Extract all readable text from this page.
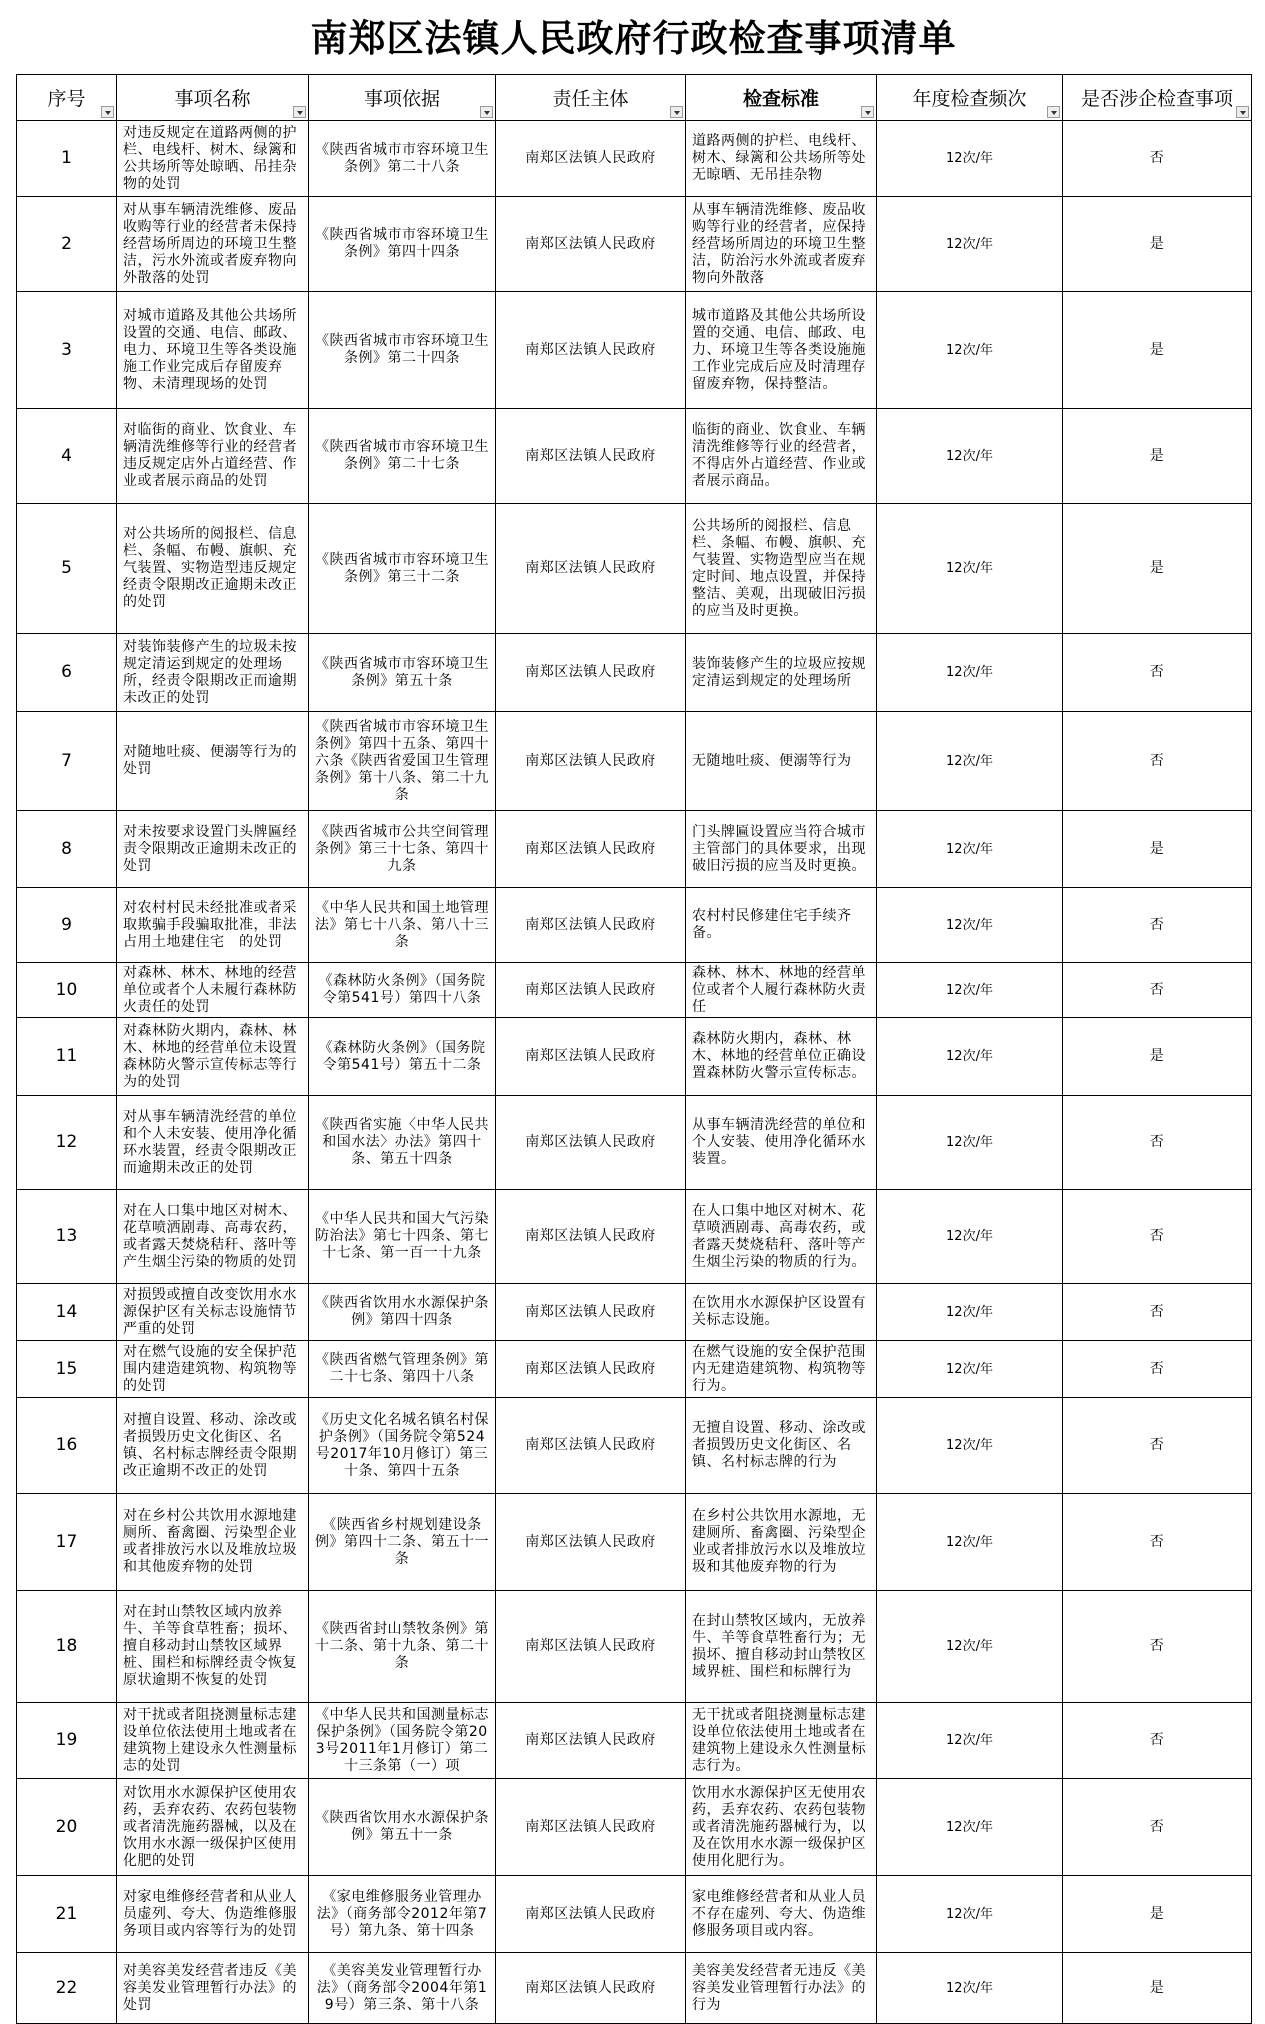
南郑区法镇人民政府行政检查事项清单
序号	事项名称	事项依据	责任主体	检查标准	年度检查频次	是否涉企检查事项

1	对违反规定在道路两侧的护栏、电线杆、树木、绿篱和公共场所等处晾晒、吊挂杂物的处罚	《陕西省城市市容环境卫生条例》第二十八条	南郑区法镇人民政府	道路两侧的护栏、电线杆、树木、绿篱和公共场所等处无晾晒、无吊挂杂物	12次/年	否

2	对从事车辆清洗维修、废品收购等行业的经营者未保持经营场所周边的环境卫生整洁，污水外流或者废弃物向外散落的处罚	《陕西省城市市容环境卫生条例》第四十四条	南郑区法镇人民政府	从事车辆清洗维修、废品收购等行业的经营者，应保持经营场所周边的环境卫生整洁，防治污水外流或者废弃物向外散落	12次/年	是

3	对城市道路及其他公共场所设置的交通、电信、邮政、电力、环境卫生等各类设施施工作业完成后存留废弃物、未清理现场的处罚	《陕西省城市市容环境卫生条例》第二十四条	南郑区法镇人民政府	城市道路及其他公共场所设置的交通、电信、邮政、电力、环境卫生等各类设施施工作业完成后应及时清理存留废弃物，保持整洁。	12次/年	是

4	对临街的商业、饮食业、车辆清洗维修等行业的经营者违反规定店外占道经营、作业或者展示商品的处罚	《陕西省城市市容环境卫生条例》第二十七条	南郑区法镇人民政府	临街的商业、饮食业、车辆清洗维修等行业的经营者，不得店外占道经营、作业或者展示商品。	12次/年	是

5	对公共场所的阅报栏、信息栏、条幅、布幔、旗帜、充气装置、实物造型违反规定经责令限期改正逾期未改正的处罚	《陕西省城市市容环境卫生条例》第三十二条	南郑区法镇人民政府	公共场所的阅报栏、信息栏、条幅、布幔、旗帜、充气装置、实物造型应当在规定时间、地点设置，并保持整洁、美观，出现破旧污损的应当及时更换。	12次/年	是

6	对装饰装修产生的垃圾未按规定清运到规定的处理场所，经责令限期改正而逾期未改正的处罚	《陕西省城市市容环境卫生条例》第五十条	南郑区法镇人民政府	装饰装修产生的垃圾应按规定清运到规定的处理场所	12次/年	否

7	对随地吐痰、便溺等行为的处罚	《陕西省城市市容环境卫生条例》第四十五条、第四十六条《陕西省爱国卫生管理条例》第十八条、第二十九条	南郑区法镇人民政府	无随地吐痰、便溺等行为	12次/年	否

8	对未按要求设置门头牌匾经责令限期改正逾期未改正的处罚	《陕西省城市公共空间管理条例》第三十七条、第四十九条	南郑区法镇人民政府	门头牌匾设置应当符合城市主管部门的具体要求，出现破旧污损的应当及时更换。	12次/年	是

9	对农村村民未经批准或者采取欺骗手段骗取批准，非法占用土地建住宅　的处罚	《中华人民共和国土地管理法》第七十八条、第八十三条	南郑区法镇人民政府	农村村民修建住宅手续齐备。	12次/年	否

10	对森林、林木、林地的经营单位或者个人未履行森林防火责任的处罚	《森林防火条例》（国务院令第541号）第四十八条	南郑区法镇人民政府	森林、林木、林地的经营单位或者个人履行森林防火责任	12次/年	否

11	对森林防火期内，森林、林木、林地的经营单位未设置森林防火警示宣传标志等行为的处罚	《森林防火条例》（国务院令第541号）第五十二条	南郑区法镇人民政府	森林防火期内，森林、林木、林地的经营单位正确设置森林防火警示宣传标志。	12次/年	是

12	对从事车辆清洗经营的单位和个人未安装、使用净化循环水装置，经责令限期改正而逾期未改正的处罚	《陕西省实施〈中华人民共和国水法〉办法》第四十条、第五十四条	南郑区法镇人民政府	从事车辆清洗经营的单位和个人安装、使用净化循环水装置。	12次/年	否

13	对在人口集中地区对树木、花草喷洒剧毒、高毒农药，或者露天焚烧秸秆、落叶等产生烟尘污染的物质的处罚	《中华人民共和国大气污染防治法》第七十四条、第七十七条、第一百一十九条	南郑区法镇人民政府	在人口集中地区对树木、花草喷洒剧毒、高毒农药，或者露天焚烧秸秆、落叶等产生烟尘污染的物质的行为。	12次/年	否

14	对损毁或擅自改变饮用水水源保护区有关标志设施情节严重的处罚	《陕西省饮用水水源保护条例》第四十四条	南郑区法镇人民政府	在饮用水水源保护区设置有关标志设施。	12次/年	否

15	对在燃气设施的安全保护范围内建造建筑物、构筑物等的处罚	《陕西省燃气管理条例》第二十七条、第四十八条	南郑区法镇人民政府	在燃气设施的安全保护范围内无建造建筑物、构筑物等行为。	12次/年	否

16	对擅自设置、移动、涂改或者损毁历史文化街区、名镇、名村标志牌经责令限期改正逾期不改正的处罚	《历史文化名城名镇名村保护条例》（国务院令第524号2017年10月修订）第三十条、第四十五条	南郑区法镇人民政府	无擅自设置、移动、涂改或者损毁历史文化街区、名镇、名村标志牌的行为	12次/年	否

17	对在乡村公共饮用水源地建厕所、畜禽圈、污染型企业或者排放污水以及堆放垃圾和其他废弃物的处罚	《陕西省乡村规划建设条例》第四十二条、第五十一条	南郑区法镇人民政府	在乡村公共饮用水源地，无建厕所、畜禽圈、污染型企业或者排放污水以及堆放垃圾和其他废弃物的行为	12次/年	否

18	对在封山禁牧区域内放养牛、羊等食草牲畜；损坏、擅自移动封山禁牧区域界桩、围栏和标牌经责令恢复原状逾期不恢复的处罚	《陕西省封山禁牧条例》第十二条、第十九条、第二十条	南郑区法镇人民政府	在封山禁牧区域内，无放养牛、羊等食草牲畜行为；无损坏、擅自移动封山禁牧区域界桩、围栏和标牌行为	12次/年	否

19	对干扰或者阻挠测量标志建设单位依法使用土地或者在建筑物上建设永久性测量标志的处罚	《中华人民共和国测量标志保护条例》（国务院令第203号2011年1月修订）第二十三条第（一）项	南郑区法镇人民政府	无干扰或者阻挠测量标志建设单位依法使用土地或者在建筑物上建设永久性测量标志行为。	12次/年	否

20	对饮用水水源保护区使用农药，丢弃农药、农药包装物或者清洗施药器械，以及在饮用水水源一级保护区使用化肥的处罚	《陕西省饮用水水源保护条例》第五十一条	南郑区法镇人民政府	饮用水水源保护区无使用农药，丢弃农药、农药包装物或者清洗施药器械行为，以及在饮用水水源一级保护区使用化肥行为。	12次/年	否

21	对家电维修经营者和从业人员虚列、夸大、伪造维修服务项目或内容等行为的处罚	《家电维修服务业管理办法》（商务部令2012年第7号）第九条、第十四条	南郑区法镇人民政府	家电维修经营者和从业人员不存在虚列、夸大、伪造维修服务项目或内容。	12次/年	是

22	对美容美发经营者违反《美容美发业管理暂行办法》的处罚	《美容美发业管理暂行办法》（商务部令2004年第19号）第三条、第十八条	南郑区法镇人民政府	美容美发经营者无违反《美容美发业管理暂行办法》的行为	12次/年	是
